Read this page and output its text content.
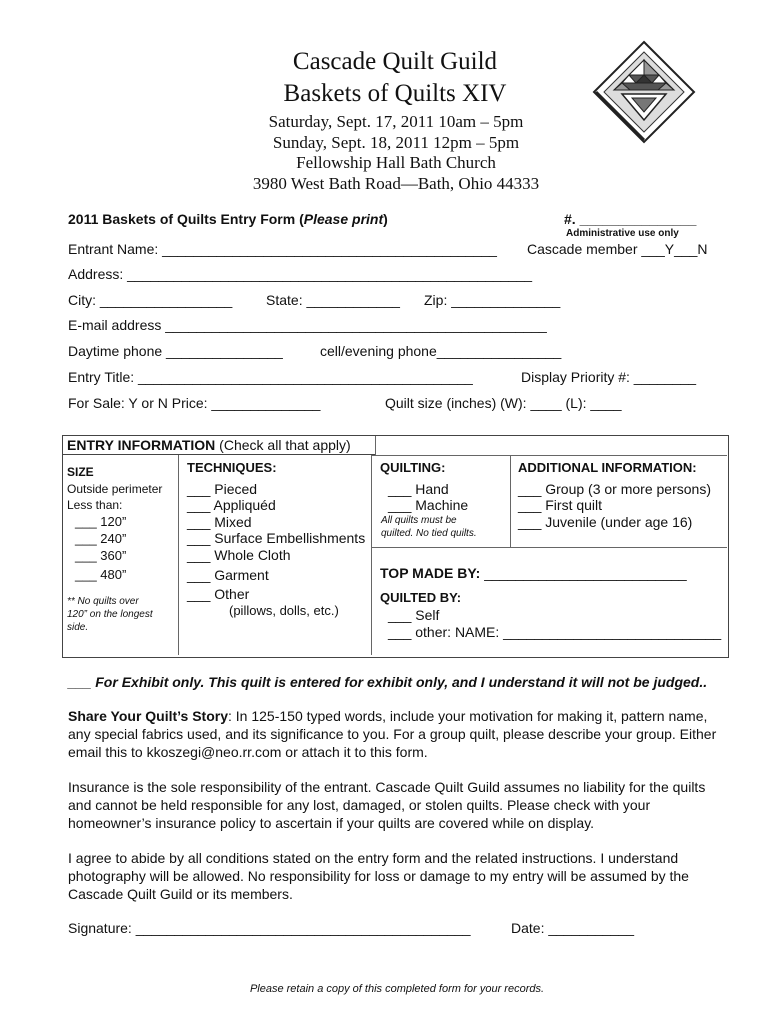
Cascade Quilt Guild
Baskets of Quilts XIV
Saturday, Sept. 17, 2011 10am – 5pm
Sunday, Sept. 18, 2011 12pm – 5pm
Fellowship Hall Bath Church
3980 West Bath Road—Bath, Ohio 44333
2011 Baskets of Quilts Entry Form (Please print)	#. _______________
Administrative use only
Entrant Name: ___________________________________________ Cascade member ___Y___N
Address: ____________________________________________________
City: _________________ State: ____________ Zip: ______________
E-mail address _________________________________________________
Daytime phone _______________	cell/evening phone________________
Entry Title: ___________________________________________	Display Priority #: ________
For Sale: Y or N Price: ______________	Quilt size (inches) (W): ____ (L): ____
ENTRY INFORMATION (Check all that apply)
SIZE
Outside perimeter
Less than:
___ 120”
___ 240”
___ 360”
___ 480”
** No quilts over
120” on the longest
side.
TECHNIQUES:
___ Pieced
___ Appliquéd
___ Mixed
___ Surface Embellishments
___ Whole Cloth
___ Garment
___ Other
(pillows, dolls, etc.)
QUILTING:
___ Hand
___ Machine
All quilts must be
quilted. No tied quilts.
ADDITIONAL INFORMATION:
___ Group (3 or more persons)
___ First quilt
___ Juvenile (under age 16)
TOP MADE BY: __________________________
QUILTED BY:
___ Self
___ other: NAME: ____________________________
___ For Exhibit only. This quilt is entered for exhibit only, and I understand it will not be judged..
Share Your Quilt’s Story: In 125-150 typed words, include your motivation for making it, pattern name, any special fabrics used, and its significance to you. For a group quilt, please describe your group. Either email this to kkoszegi@neo.rr.com or attach it to this form.
Insurance is the sole responsibility of the entrant. Cascade Quilt Guild assumes no liability for the quilts and cannot be held responsible for any lost, damaged, or stolen quilts. Please check with your homeowner’s insurance policy to ascertain if your quilts are covered while on display.
I agree to abide by all conditions stated on the entry form and the related instructions. I understand photography will be allowed. No responsibility for loss or damage to my entry will be assumed by the Cascade Quilt Guild or its members.
Signature: ___________________________________________	Date: ___________
Please retain a copy of this completed form for your records.
